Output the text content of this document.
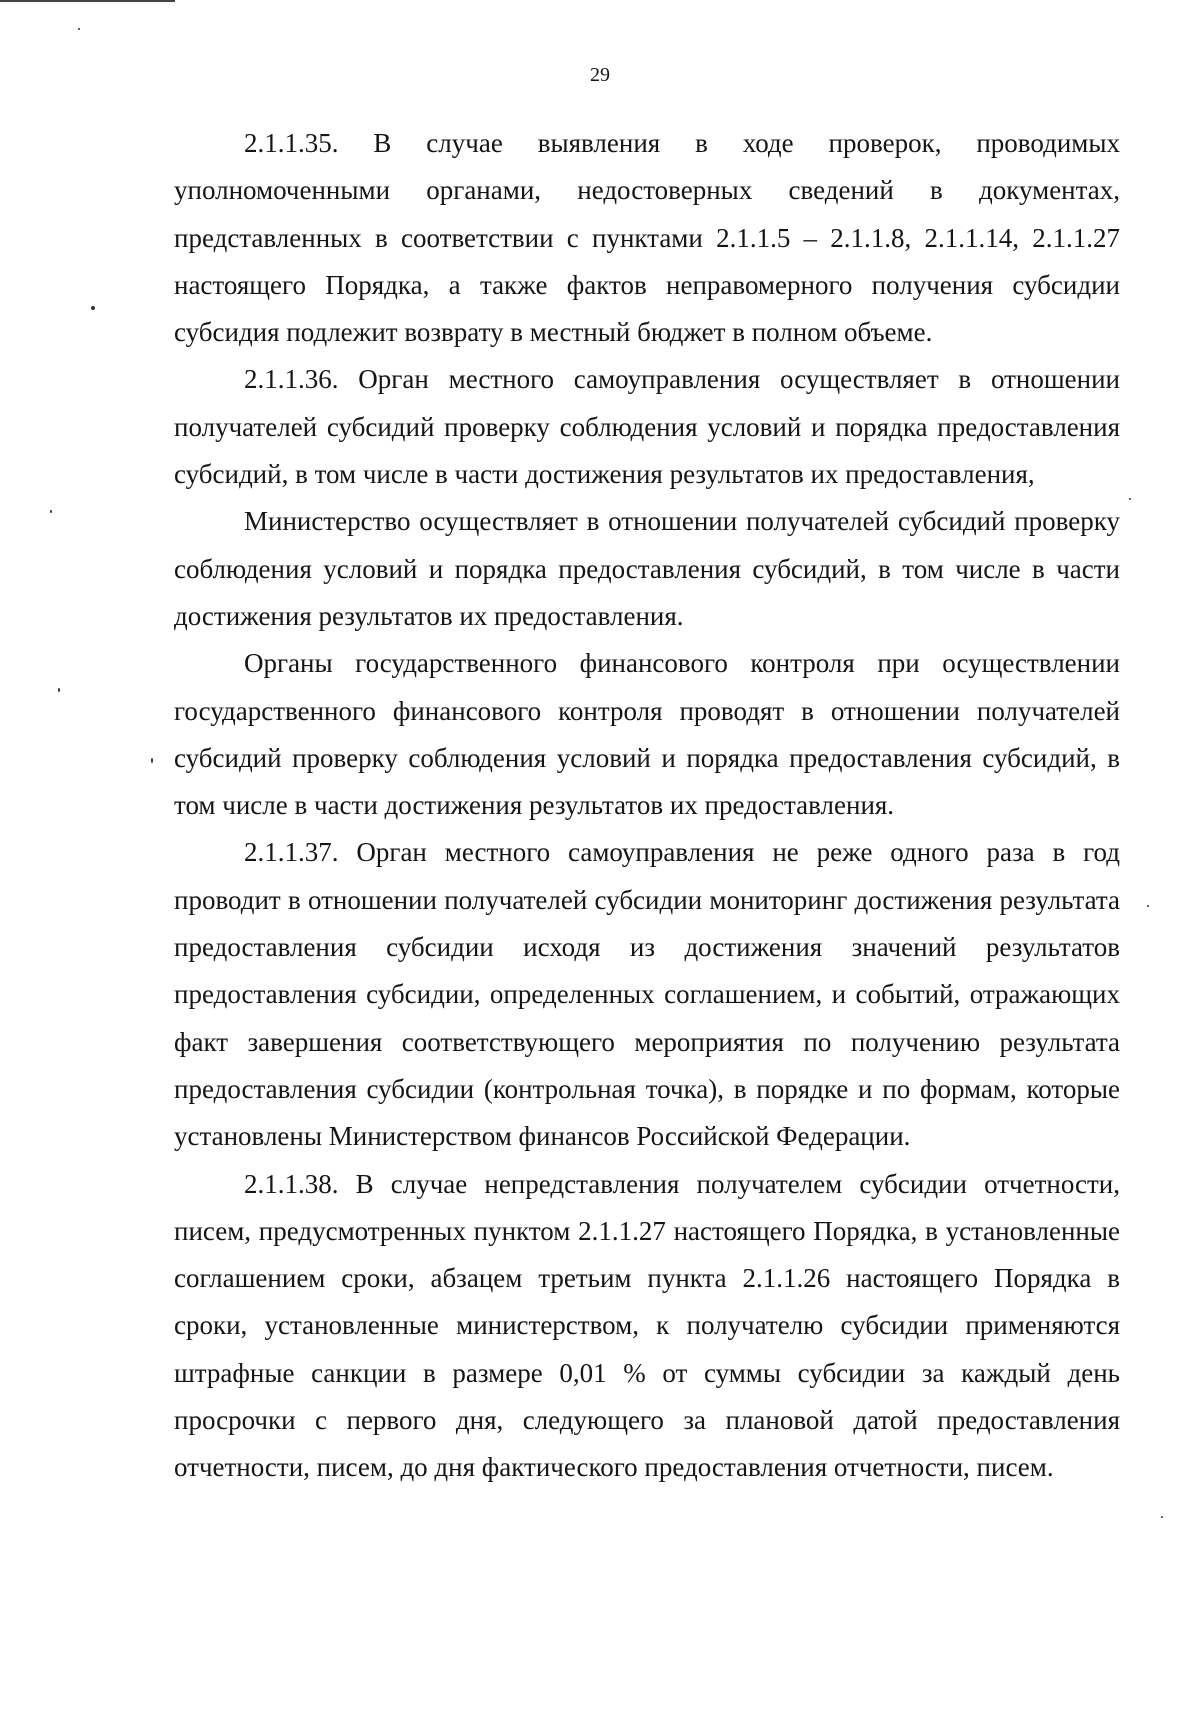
29

2.1.1.35. В случае выявления в ходе проверок, проводимых уполномоченными органами, недостоверных сведений в документах, представленных в соответствии с пунктами 2.1.1.5 – 2.1.1.8, 2.1.1.14, 2.1.1.27 настоящего Порядка, а также фактов неправомерного получения субсидии субсидия подлежит возврату в местный бюджет в полном объеме.

2.1.1.36. Орган местного самоуправления осуществляет в отношении получателей субсидий проверку соблюдения условий и порядка предоставления субсидий, в том числе в части достижения результатов их предоставления,

Министерство осуществляет в отношении получателей субсидий проверку соблюдения условий и порядка предоставления субсидий, в том числе в части достижения результатов их предоставления.

Органы государственного финансового контроля при осуществлении государственного финансового контроля проводят в отношении получателей субсидий проверку соблюдения условий и порядка предоставления субсидий, в том числе в части достижения результатов их предоставления.

2.1.1.37. Орган местного самоуправления не реже одного раза в год проводит в отношении получателей субсидии мониторинг достижения результата предоставления субсидии исходя из достижения значений результатов предоставления субсидии, определенных соглашением, и событий, отражающих факт завершения соответствующего мероприятия по получению результата предоставления субсидии (контрольная точка), в порядке и по формам, которые установлены Министерством финансов Российской Федерации.

2.1.1.38. В случае непредставления получателем субсидии отчетности, писем, предусмотренных пунктом 2.1.1.27 настоящего Порядка, в установленные соглашением сроки, абзацем третьим пункта 2.1.1.26 настоящего Порядка в сроки, установленные министерством, к получателю субсидии применяются штрафные санкции в размере 0,01 % от суммы субсидии за каждый день просрочки с первого дня, следующего за плановой датой предоставления отчетности, писем, до дня фактического предоставления отчетности, писем.
